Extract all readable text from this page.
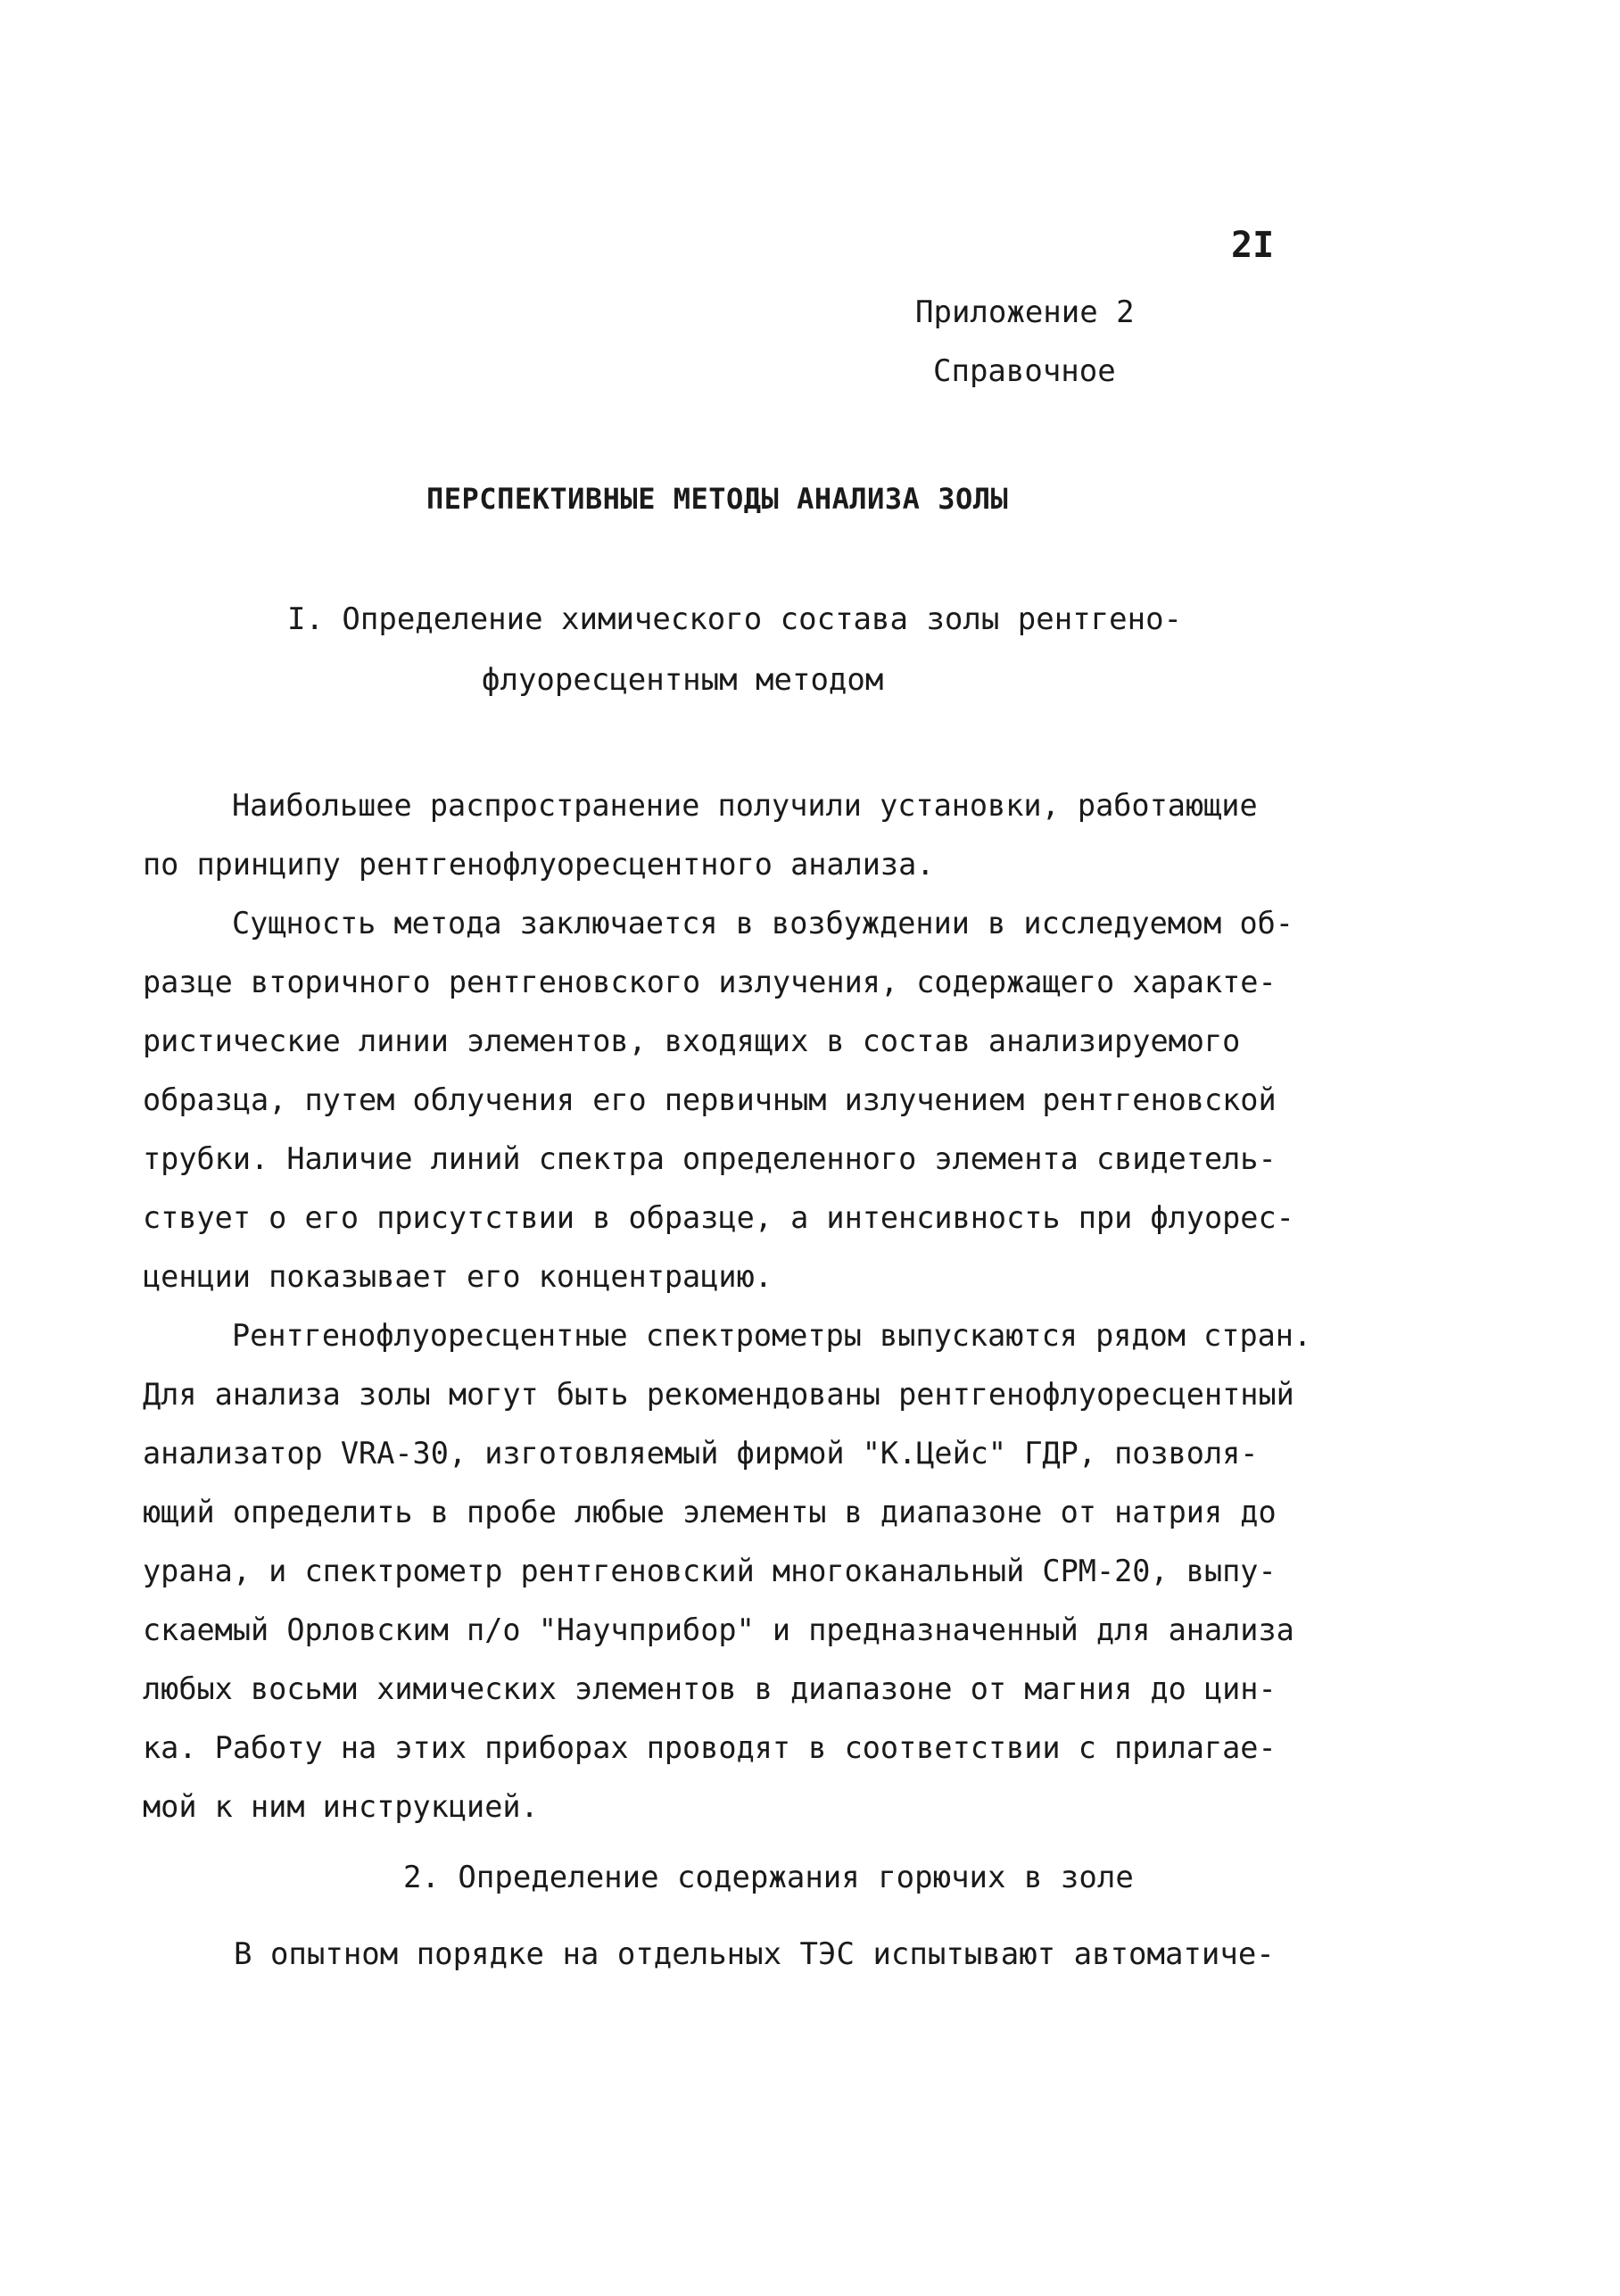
2I
Приложение 2
Справочное
ПЕРСПЕКТИВНЫЕ МЕТОДЫ АНАЛИЗА ЗОЛЫ
I. Определение химического состава золы рентгено-
флуоресцентным методом
Наибольшее распространение получили установки, работающие
по принципу рентгенофлуоресцентного анализа.
Сущность метода заключается в возбуждении в исследуемом об-
разце вторичного рентгеновского излучения, содержащего характе-
ристические линии элементов, входящих в состав анализируемого
образца, путем облучения его первичным излучением рентгеновской
трубки. Наличие линий спектра определенного элемента свидетель-
ствует о его присутствии в образце, а интенсивность при флуорес-
ценции показывает его концентрацию.
Рентгенофлуоресцентные спектрометры выпускаются рядом стран.
Для анализа золы могут быть рекомендованы рентгенофлуоресцентный
анализатор VRA-30, изготовляемый фирмой "К.Цейс" ГДР, позволя-
ющий определить в пробе любые элементы в диапазоне от натрия до
урана, и спектрометр рентгеновский многоканальный СРМ-20, выпу-
скаемый Орловским п/о "Научприбор" и предназначенный для анализа
любых восьми химических элементов в диапазоне от магния до цин-
ка. Работу на этих приборах проводят в соответствии с прилагае-
мой к ним инструкцией.
2. Определение содержания горючих в золе
В опытном порядке на отдельных ТЭС испытывают автоматиче-
